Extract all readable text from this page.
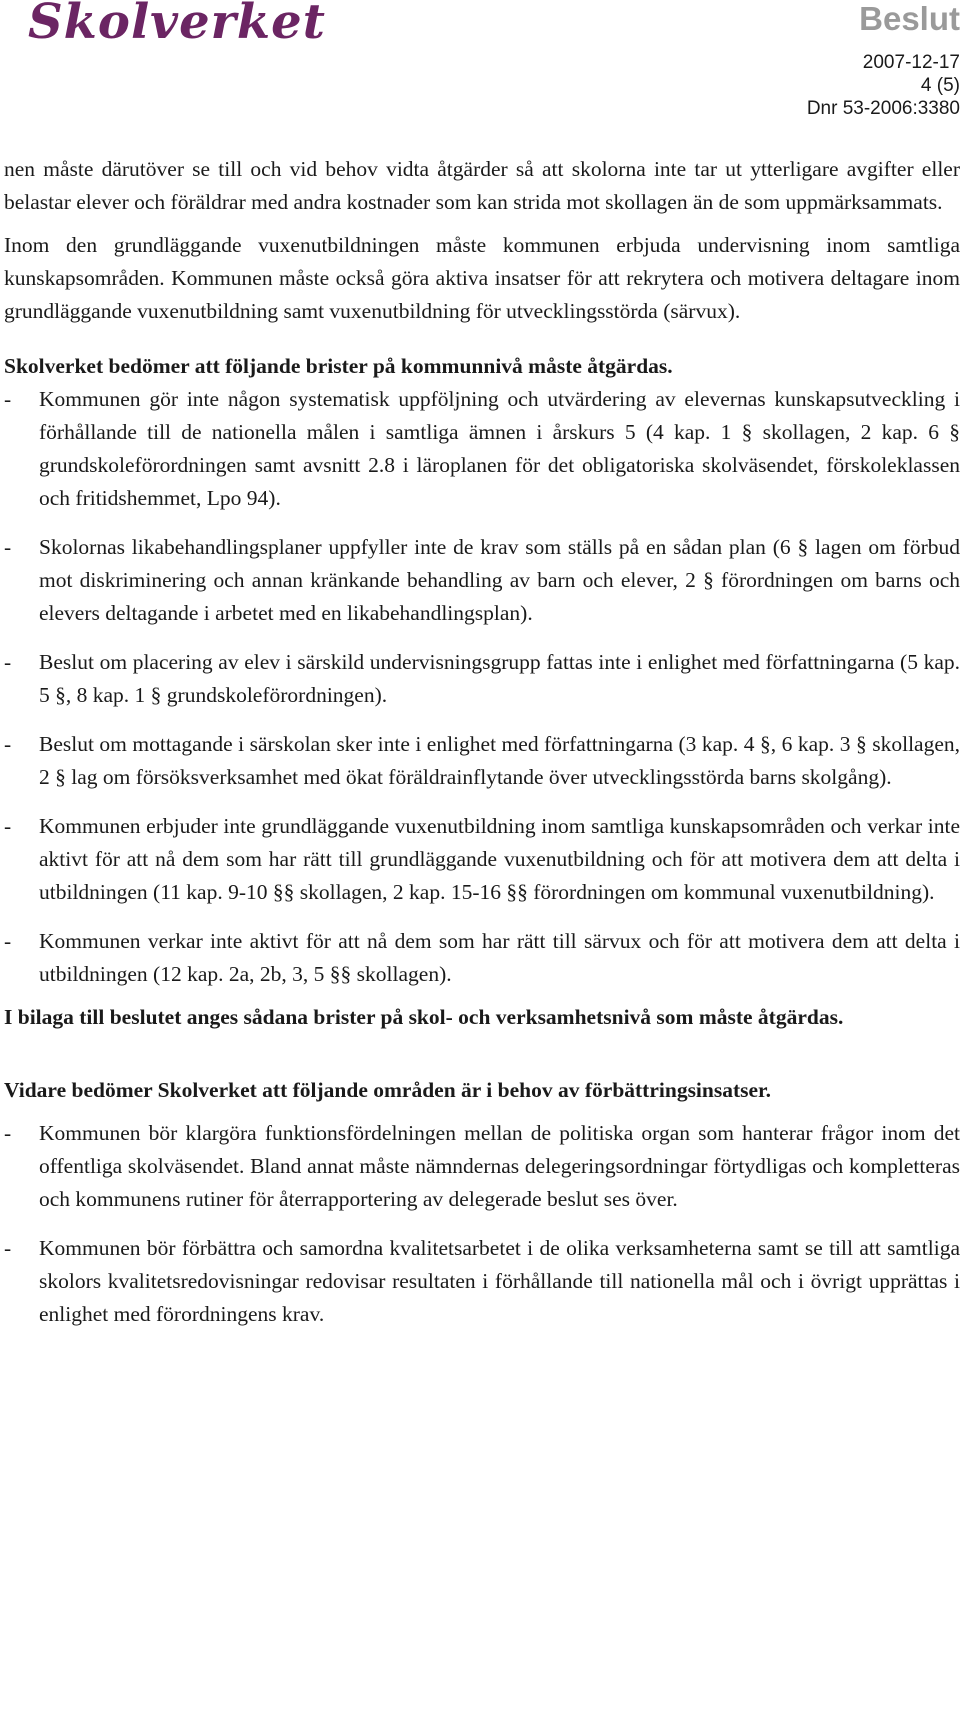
Skolverket	Beslut
2007-12-17
4 (5)
Dnr 53-2006:3380

nen måste därutöver se till och vid behov vidta åtgärder så att skolorna inte tar ut ytterligare avgifter eller belastar elever och föräldrar med andra kostnader som kan strida mot skollagen än de som uppmärksammats.

Inom den grundläggande vuxenutbildningen måste kommunen erbjuda undervisning inom samtliga kunskapsområden. Kommunen måste också göra aktiva insatser för att rekrytera och motivera deltagare inom grundläggande vuxenutbildning samt vuxenutbildning för utvecklingsstörda (särvux).

Skolverket bedömer att följande brister på kommunnivå måste åtgärdas.

- Kommunen gör inte någon systematisk uppföljning och utvärdering av elevernas kunskapsutveckling i förhållande till de nationella målen i samtliga ämnen i årskurs 5 (4 kap. 1 § skollagen, 2 kap. 6 § grundskoleförordningen samt avsnitt 2.8 i läroplanen för det obligatoriska skolväsendet, förskoleklassen och fritidshemmet, Lpo 94).
- Skolornas likabehandlingsplaner uppfyller inte de krav som ställs på en sådan plan (6 § lagen om förbud mot diskriminering och annan kränkande behandling av barn och elever, 2 § förordningen om barns och elevers deltagande i arbetet med en likabehandlingsplan).
- Beslut om placering av elev i särskild undervisningsgrupp fattas inte i enlighet med författningarna (5 kap. 5 §, 8 kap. 1 § grundskoleförordningen).
- Beslut om mottagande i särskolan sker inte i enlighet med författningarna (3 kap. 4 §, 6 kap. 3 § skollagen, 2 § lag om försöksverksamhet med ökat föräldrainflytande över utvecklingsstörda barns skolgång).
- Kommunen erbjuder inte grundläggande vuxenutbildning inom samtliga kunskapsområden och verkar inte aktivt för att nå dem som har rätt till grundläggande vuxenutbildning och för att motivera dem att delta i utbildningen (11 kap. 9-10 §§ skollagen, 2 kap. 15-16 §§ förordningen om kommunal vuxenutbildning).
- Kommunen verkar inte aktivt för att nå dem som har rätt till särvux och för att motivera dem att delta i utbildningen (12 kap. 2a, 2b, 3, 5 §§ skollagen).

I bilaga till beslutet anges sådana brister på skol- och verksamhetsnivå som måste åtgärdas.

Vidare bedömer Skolverket att följande områden är i behov av förbättringsinsatser.

- Kommunen bör klargöra funktionsfördelningen mellan de politiska organ som hanterar frågor inom det offentliga skolväsendet. Bland annat måste nämndernas delegeringsordningar förtydligas och kompletteras och kommunens rutiner för återrapportering av delegerade beslut ses över.
- Kommunen bör förbättra och samordna kvalitetsarbetet i de olika verksamheterna samt se till att samtliga skolors kvalitetsredovisningar redovisar resultaten i förhållande till nationella mål och i övrigt upprättas i enlighet med förordningens krav.
